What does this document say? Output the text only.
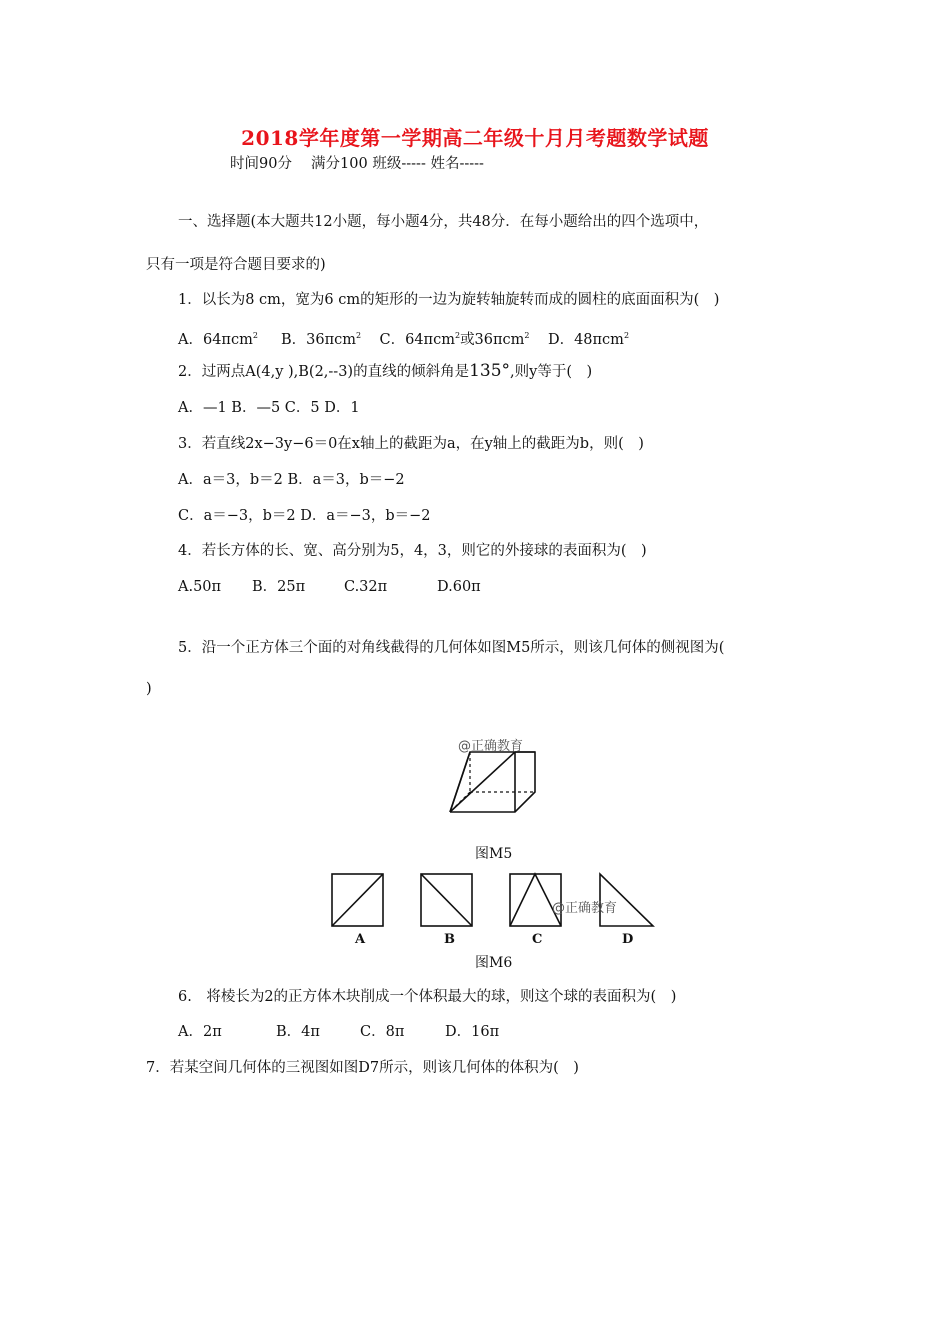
2018学年度第一学期高二年级十月月考题数学试题
时间90分　 满分100 班级----- 姓名-----
一、选择题(本大题共12小题，每小题4分，共48分．在每小题给出的四个选项中，
只有一项是符合题目要求的)
1．以长为8 cm，宽为6 cm的矩形的一边为旋转轴旋转而成的圆柱的底面面积为(　)
A．64πcm$^2$ B．36πcm$^2$ C．64πcm$^2$或36πcm$^2$ D．48πcm$^2$
2．过两点A(4,y ),B(2,--3)的直线的倾斜角是135°,则y等于(　)
A．—1 B．—5 C．5 D．1
3．若直线2x−3y−6＝0在x轴上的截距为a，在y轴上的截距为b，则(　)
A．a＝3，b＝2 B．a＝3，b＝−2
C．a＝−3，b＝2 D．a＝−3，b＝−2
4．若长方体的长、宽、高分别为5，4，3，则它的外接球的表面积为(　)
A.50π B．25π	C.32π	D.60π
5．沿一个正方体三个面的对角线截得的几何体如图M5所示，则该几何体的侧视图为(
)
@正确教育
图M5
@正确教育
A	B	C	D
图M6
6.　将棱长为2的正方体木块削成一个体积最大的球，则这个球的表面积为(　)
A．2π	B．4π	C．8π	D．16π
7．若某空间几何体的三视图如图D7所示，则该几何体的体积为(　)
